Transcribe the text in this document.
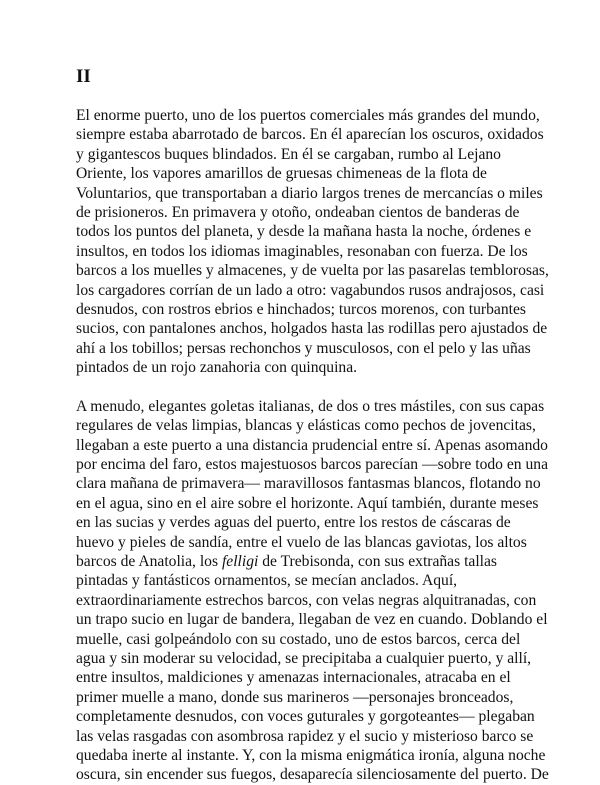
II
El enorme puerto, uno de los puertos comerciales más grandes del mundo,
siempre estaba abarrotado de barcos. En él aparecían los oscuros, oxidados
y gigantescos buques blindados. En él se cargaban, rumbo al Lejano
Oriente, los vapores amarillos de gruesas chimeneas de la flota de
Voluntarios, que transportaban a diario largos trenes de mercancías o miles
de prisioneros. En primavera y otoño, ondeaban cientos de banderas de
todos los puntos del planeta, y desde la mañana hasta la noche, órdenes e
insultos, en todos los idiomas imaginables, resonaban con fuerza. De los
barcos a los muelles y almacenes, y de vuelta por las pasarelas temblorosas,
los cargadores corrían de un lado a otro: vagabundos rusos andrajosos, casi
desnudos, con rostros ebrios e hinchados; turcos morenos, con turbantes
sucios, con pantalones anchos, holgados hasta las rodillas pero ajustados de
ahí a los tobillos; persas rechonchos y musculosos, con el pelo y las uñas
pintados de un rojo zanahoria con quinquina.
A menudo, elegantes goletas italianas, de dos o tres mástiles, con sus capas
regulares de velas limpias, blancas y elásticas como pechos de jovencitas,
llegaban a este puerto a una distancia prudencial entre sí. Apenas asomando
por encima del faro, estos majestuosos barcos parecían —sobre todo en una
clara mañana de primavera— maravillosos fantasmas blancos, flotando no
en el agua, sino en el aire sobre el horizonte. Aquí también, durante meses
en las sucias y verdes aguas del puerto, entre los restos de cáscaras de
huevo y pieles de sandía, entre el vuelo de las blancas gaviotas, los altos
barcos de Anatolia, los felligi de Trebisonda, con sus extrañas tallas
pintadas y fantásticos ornamentos, se mecían anclados. Aquí,
extraordinariamente estrechos barcos, con velas negras alquitranadas, con
un trapo sucio en lugar de bandera, llegaban de vez en cuando. Doblando el
muelle, casi golpeándolo con su costado, uno de estos barcos, cerca del
agua y sin moderar su velocidad, se precipitaba a cualquier puerto, y allí,
entre insultos, maldiciones y amenazas internacionales, atracaba en el
primer muelle a mano, donde sus marineros —personajes bronceados,
completamente desnudos, con voces guturales y gorgoteantes— plegaban
las velas rasgadas con asombrosa rapidez y el sucio y misterioso barco se
quedaba inerte al instante. Y, con la misma enigmática ironía, alguna noche
oscura, sin encender sus fuegos, desaparecía silenciosamente del puerto. De
